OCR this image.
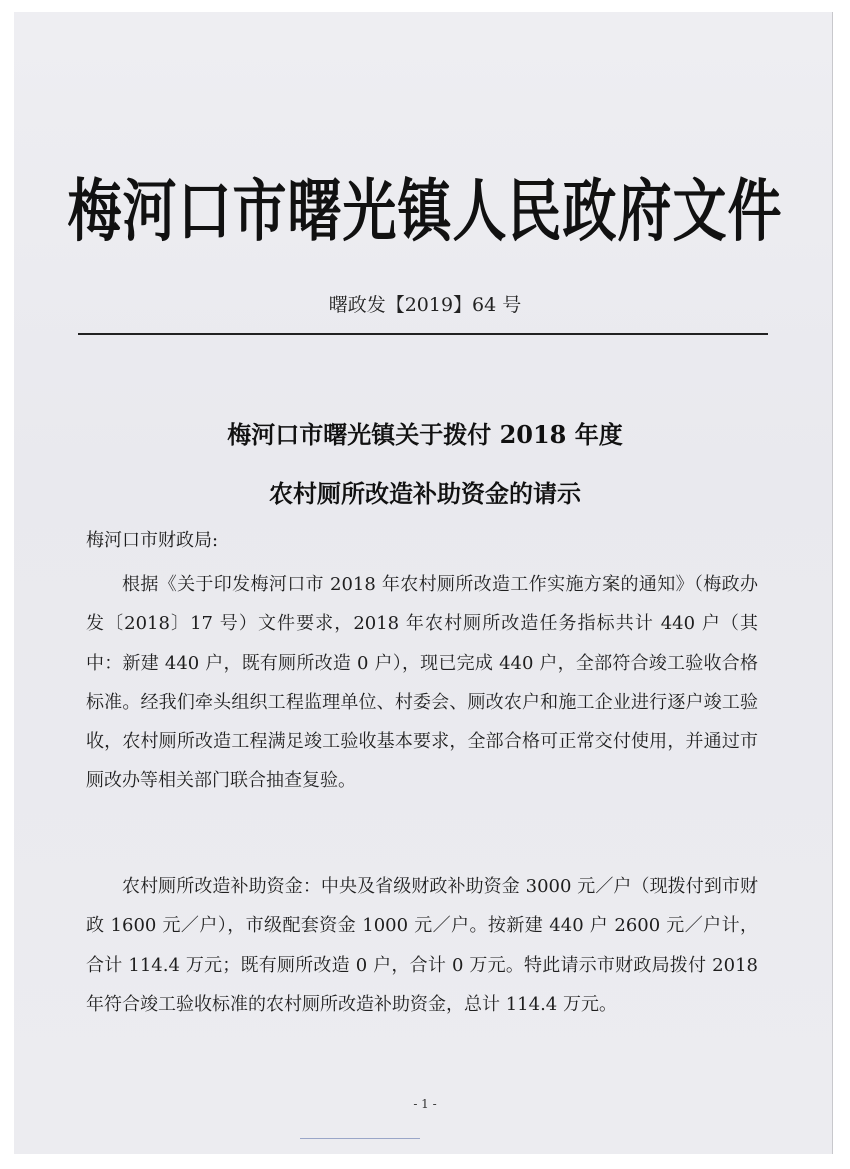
梅河口市曙光镇人民政府文件
曙政发【2019】64 号
梅河口市曙光镇关于拨付 2018 年度
农村厕所改造补助资金的请示
梅河口市财政局:
根据《关于印发梅河口市 2018 年农村厕所改造工作实施方案的通知》（梅政办发〔2018〕17 号）文件要求，2018 年农村厕所改造任务指标共计 440 户（其中：新建 440 户，既有厕所改造 0 户），现已完成 440 户，全部符合竣工验收合格标准。经我们牵头组织工程监理单位、村委会、厕改农户和施工企业进行逐户竣工验收，农村厕所改造工程满足竣工验收基本要求，全部合格可正常交付使用，并通过市厕改办等相关部门联合抽查复验。
农村厕所改造补助资金：中央及省级财政补助资金 3000 元／户（现拨付到市财政 1600 元／户），市级配套资金 1000 元／户。按新建 440 户 2600 元／户计，合计 114.4 万元；既有厕所改造 0 户，合计 0 万元。特此请示市财政局拨付 2018 年符合竣工验收标准的农村厕所改造补助资金，总计 114.4 万元。
- 1 -
